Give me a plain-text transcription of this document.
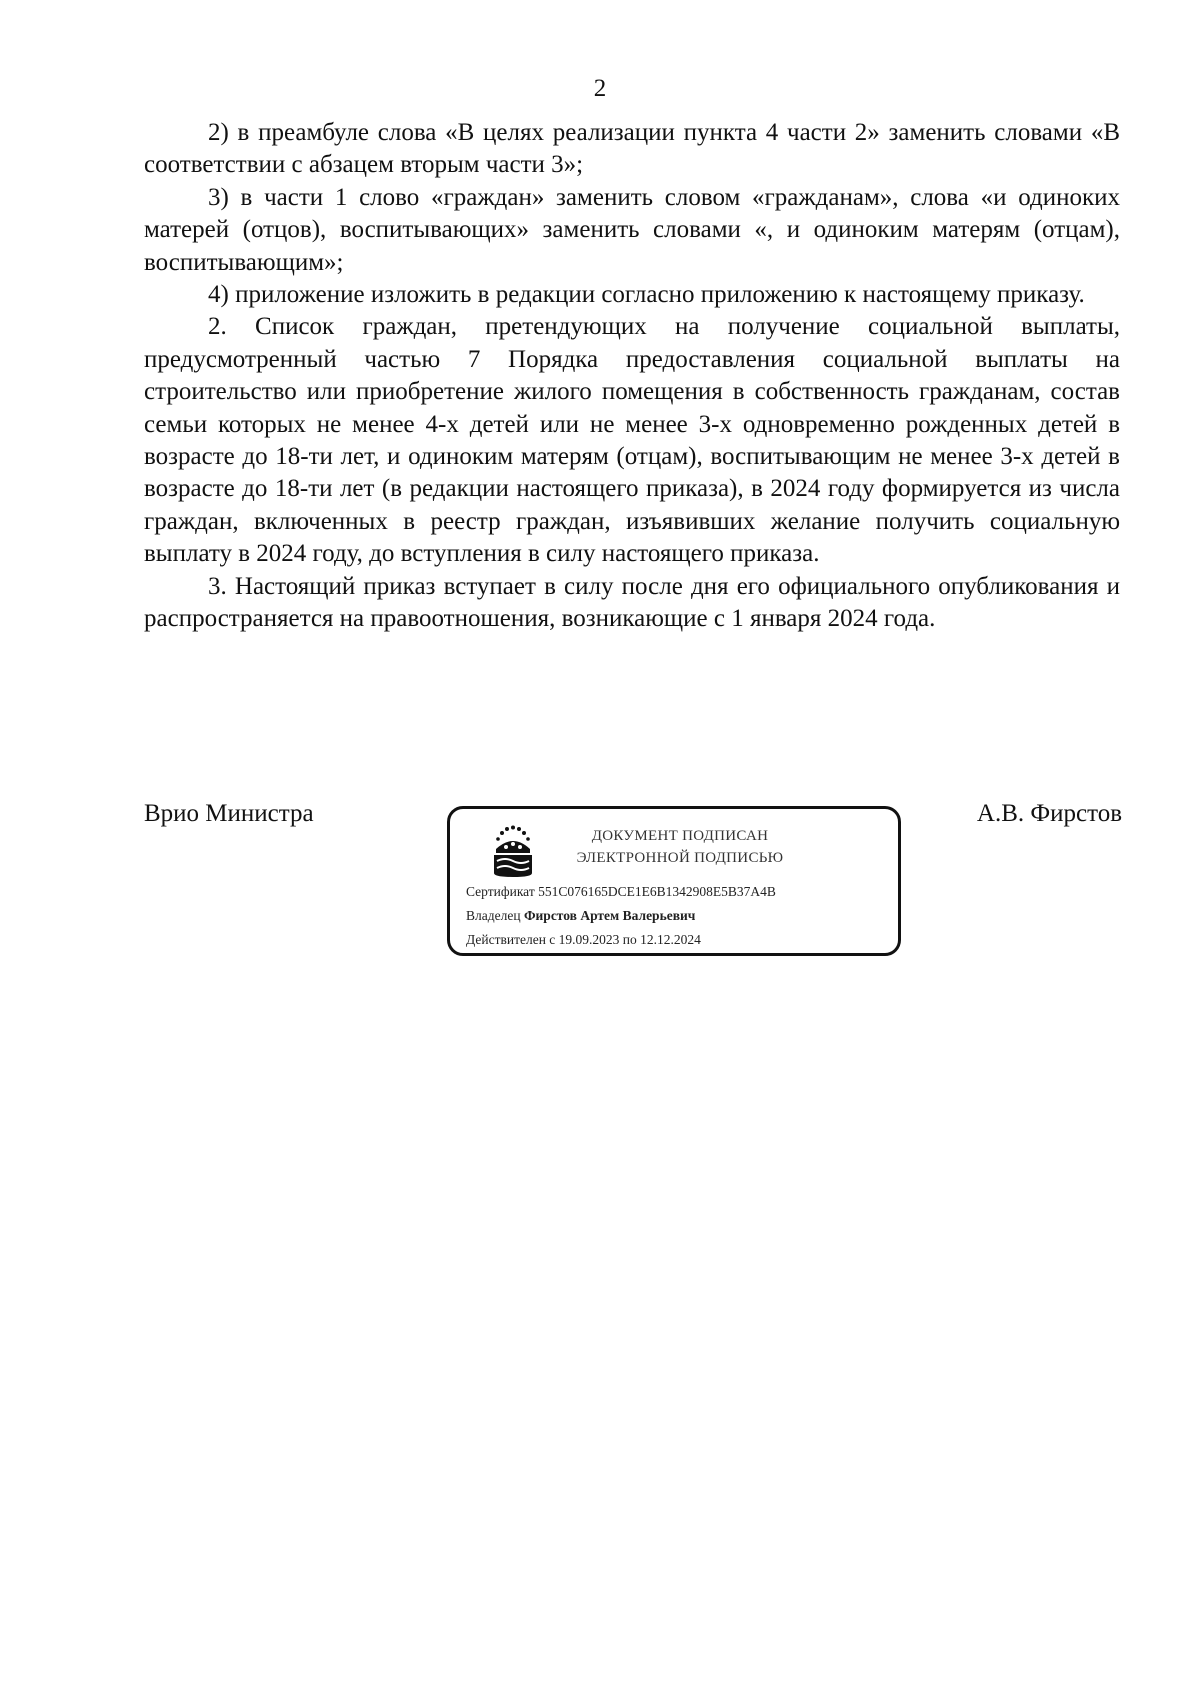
2

2) в преамбуле слова «В целях реализации пункта 4 части 2» заменить словами «В соответствии с абзацем вторым части 3»;

3) в части 1 слово «граждан» заменить словом «гражданам», слова «и одиноких матерей (отцов), воспитывающих» заменить словами «, и одиноким матерям (отцам), воспитывающим»;

4) приложение изложить в редакции согласно приложению к настоящему приказу.

2. Список граждан, претендующих на получение социальной выплаты, предусмотренный частью 7 Порядка предоставления социальной выплаты на строительство или приобретение жилого помещения в собственность гражданам, состав семьи которых не менее 4-х детей или не менее 3-х одновременно рожденных детей в возрасте до 18-ти лет, и одиноким матерям (отцам), воспитывающим не менее 3-х детей в возрасте до 18-ти лет (в редакции настоящего приказа), в 2024 году формируется из числа граждан, включенных в реестр граждан, изъявивших желание получить социальную выплату в 2024 году, до вступления в силу настоящего приказа.

3. Настоящий приказ вступает в силу после дня его официального опубликования и распространяется на правоотношения, возникающие с 1 января 2024 года.

Врио Министра	А.В. Фирстов
ДОКУМЕНТ ПОДПИСАН
ЭЛЕКТРОННОЙ ПОДПИСЬЮ
Сертификат 551C076165DCE1E6B1342908E5B37A4B
Владелец Фирстов Артем Валерьевич
Действителен с 19.09.2023 по 12.12.2024
